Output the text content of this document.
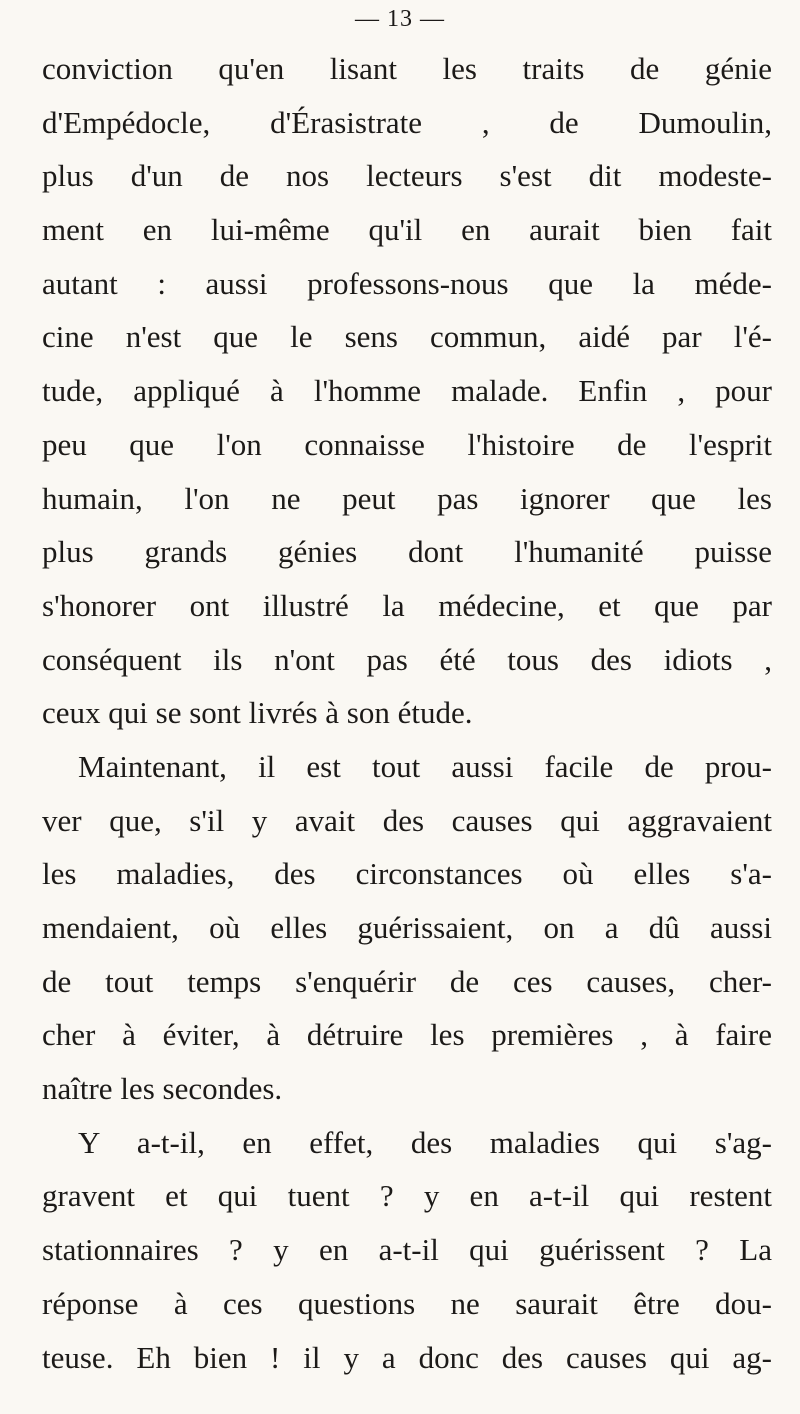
— 13 —
conviction qu'en lisant les traits de génie
d'Empédocle, d'Érasistrate , de Dumoulin,
plus d'un de nos lecteurs s'est dit modeste-
ment en lui-même qu'il en aurait bien fait
autant : aussi professons-nous que la méde-
cine n'est que le sens commun, aidé par l'é-
tude, appliqué à l'homme malade. Enfin , pour
peu que l'on connaisse l'histoire de l'esprit
humain, l'on ne peut pas ignorer que les
plus grands génies dont l'humanité puisse
s'honorer ont illustré la médecine, et que par
conséquent ils n'ont pas été tous des idiots ,
ceux qui se sont livrés à son étude.
Maintenant, il est tout aussi facile de prou-
ver que, s'il y avait des causes qui aggravaient
les maladies, des circonstances où elles s'a-
mendaient, où elles guérissaient, on a dû aussi
de tout temps s'enquérir de ces causes, cher-
cher à éviter, à détruire les premières , à faire
naître les secondes.
Y a-t-il, en effet, des maladies qui s'ag-
gravent et qui tuent ? y en a-t-il qui restent
stationnaires ? y en a-t-il qui guérissent ? La
réponse à ces questions ne saurait être dou-
teuse. Eh bien ! il y a donc des causes qui ag-
